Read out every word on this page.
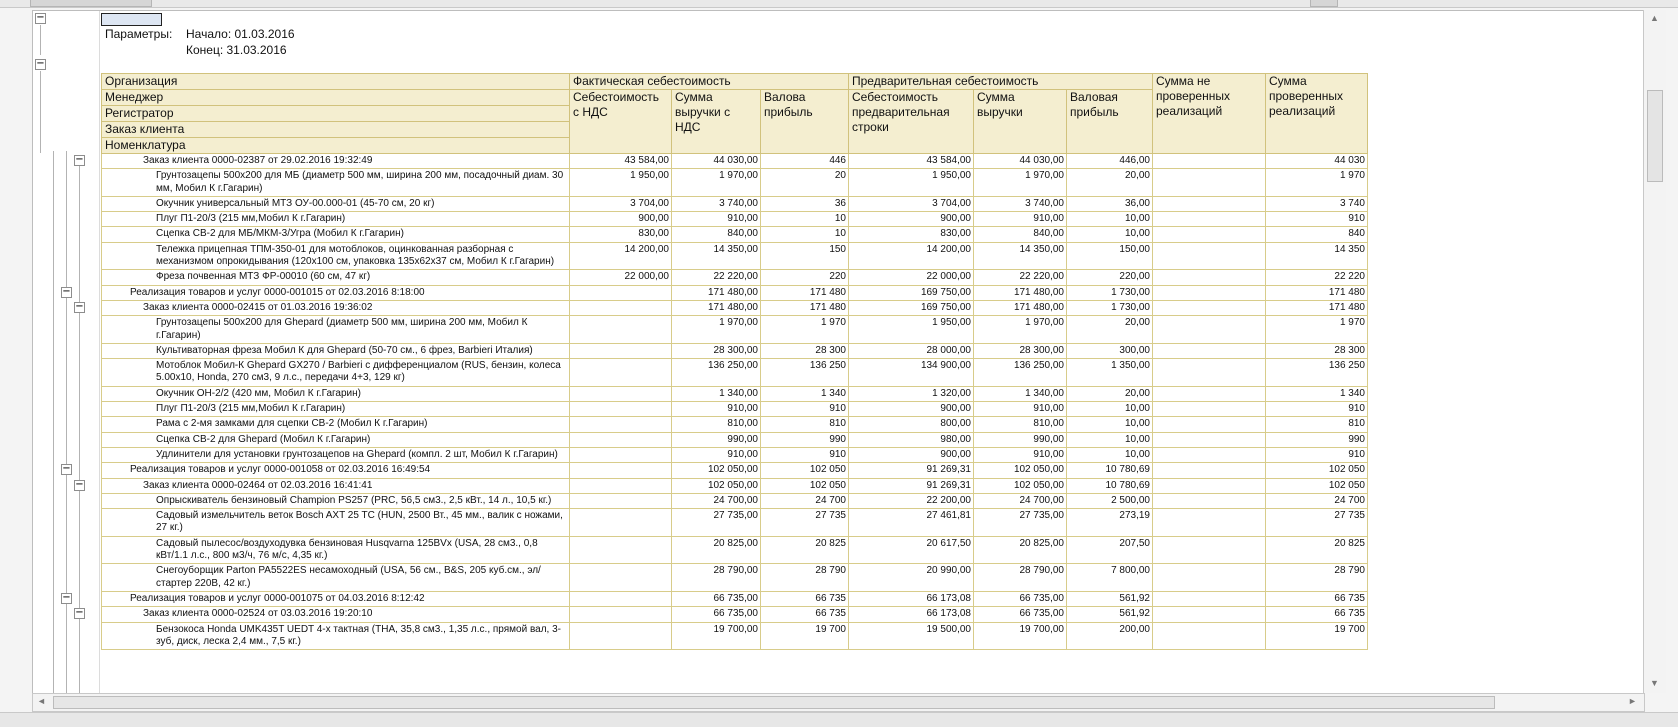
−
−
−
−
−
−
−
−
−
Параметры: Начало: 01.03.2016
Конец: 31.03.2016
Организация	Фактическая себестоимость			Предварительная себестоимость			Сумма не проверенных реализаций	Сумма проверенных реализаций
Менеджер	Себестоимость с НДС	Сумма выручки с НДС	Валова прибыль	Себестоимость предварительная строки	Сумма выручки	Валовая прибыль		
Регистратор								
Заказ клиента								
Номенклатура								
Заказ клиента 0000-02387 от 29.02.2016 19:32:49	43 584,00	44 030,00	446	43 584,00	44 030,00	446,00		44 030
Грунтозацепы 500х200 для МБ (диаметр 500 мм, ширина 200 мм, посадочный диам. 30 мм, Мобил К г.Гагарин)	1 950,00	1 970,00	20	1 950,00	1 970,00	20,00		1 970
Окучник универсальный МТЗ ОУ-00.000-01 (45-70 см, 20 кг)	3 704,00	3 740,00	36	3 704,00	3 740,00	36,00		3 740
Плуг П1-20/3 (215 мм,Мобил К г.Гагарин)	900,00	910,00	10	900,00	910,00	10,00		910
Сцепка СВ-2 для МБ/МКМ-3/Угра (Мобил К г.Гагарин)	830,00	840,00	10	830,00	840,00	10,00		840
Тележка прицепная ТПМ-350-01 для мотоблоков, оцинкованная разборная с механизмом опрокидывания (120х100 см, упаковка 135х62х37 см, Мобил К г.Гагарин)	14 200,00	14 350,00	150	14 200,00	14 350,00	150,00		14 350
Фреза почвенная МТЗ ФР-00010 (60 см, 47 кг)	22 000,00	22 220,00	220	22 000,00	22 220,00	220,00		22 220
Реализация товаров и услуг 0000-001015 от 02.03.2016 8:18:00		171 480,00	171 480	169 750,00	171 480,00	1 730,00		171 480
Заказ клиента 0000-02415 от 01.03.2016 19:36:02		171 480,00	171 480	169 750,00	171 480,00	1 730,00		171 480
Грунтозацепы 500х200 для Ghepard (диаметр 500 мм, ширина 200 мм, Мобил К г.Гагарин)		1 970,00	1 970	1 950,00	1 970,00	20,00		1 970
Культиваторная фреза Мобил К для Ghepard (50-70 см., 6 фрез, Barbieri Италия)		28 300,00	28 300	28 000,00	28 300,00	300,00		28 300
Мотоблок Мобил-К Ghepard GX270 / Barbieri с дифференциалом (RUS, бензин, колеса 5.00х10, Honda, 270 см3, 9 л.с., передачи 4+3, 129 кг)		136 250,00	136 250	134 900,00	136 250,00	1 350,00		136 250
Окучник ОН-2/2 (420 мм, Мобил К г.Гагарин)		1 340,00	1 340	1 320,00	1 340,00	20,00		1 340
Плуг П1-20/3 (215 мм,Мобил К г.Гагарин)		910,00	910	900,00	910,00	10,00		910
Рама с 2-мя замками для сцепки СВ-2 (Мобил К г.Гагарин)		810,00	810	800,00	810,00	10,00		810
Сцепка СВ-2 для Ghepard (Мобил К г.Гагарин)		990,00	990	980,00	990,00	10,00		990
Удлинители для установки грунтозацепов на Ghepard (компл. 2 шт, Мобил К г.Гагарин)		910,00	910	900,00	910,00	10,00		910
Реализация товаров и услуг 0000-001058 от 02.03.2016 16:49:54		102 050,00	102 050	91 269,31	102 050,00	10 780,69		102 050
Заказ клиента 0000-02464 от 02.03.2016 16:41:41		102 050,00	102 050	91 269,31	102 050,00	10 780,69		102 050
Опрыскиватель бензиновый Champion PS257 (PRC, 56,5 см3., 2,5 кВт., 14 л., 10,5 кг.)		24 700,00	24 700	22 200,00	24 700,00	2 500,00		24 700
Садовый измельчитель веток Bosch AXT 25 TC (HUN, 2500 Вт., 45 мм., валик с ножами, 27 кг.)		27 735,00	27 735	27 461,81	27 735,00	273,19		27 735
Садовый пылесос/воздуходувка бензиновая Husqvarna 125BVx (USA, 28 см3., 0,8 кВт/1.1 л.с., 800 м3/ч, 76 м/с, 4,35 кг.)		20 825,00	20 825	20 617,50	20 825,00	207,50		20 825
Снегоуборщик Parton PA5522ES несамоходный (USA, 56 см., B&S, 205 куб.см., эл/стартер 220В, 42 кг.)		28 790,00	28 790	20 990,00	28 790,00	7 800,00		28 790
Реализация товаров и услуг 0000-001075 от 04.03.2016 8:12:42		66 735,00	66 735	66 173,08	66 735,00	561,92		66 735
Заказ клиента 0000-02524 от 03.03.2016 19:20:10		66 735,00	66 735	66 173,08	66 735,00	561,92		66 735
Бензокоса Honda UMK435T UEDT 4-х тактная (THA, 35,8 см3., 1,35 л.с., прямой вал, 3-зуб, диск, леска 2,4 мм., 7,5 кг.)		19 700,00	19 700	19 500,00	19 700,00	200,00		19 700
▲
▼
◄	►
